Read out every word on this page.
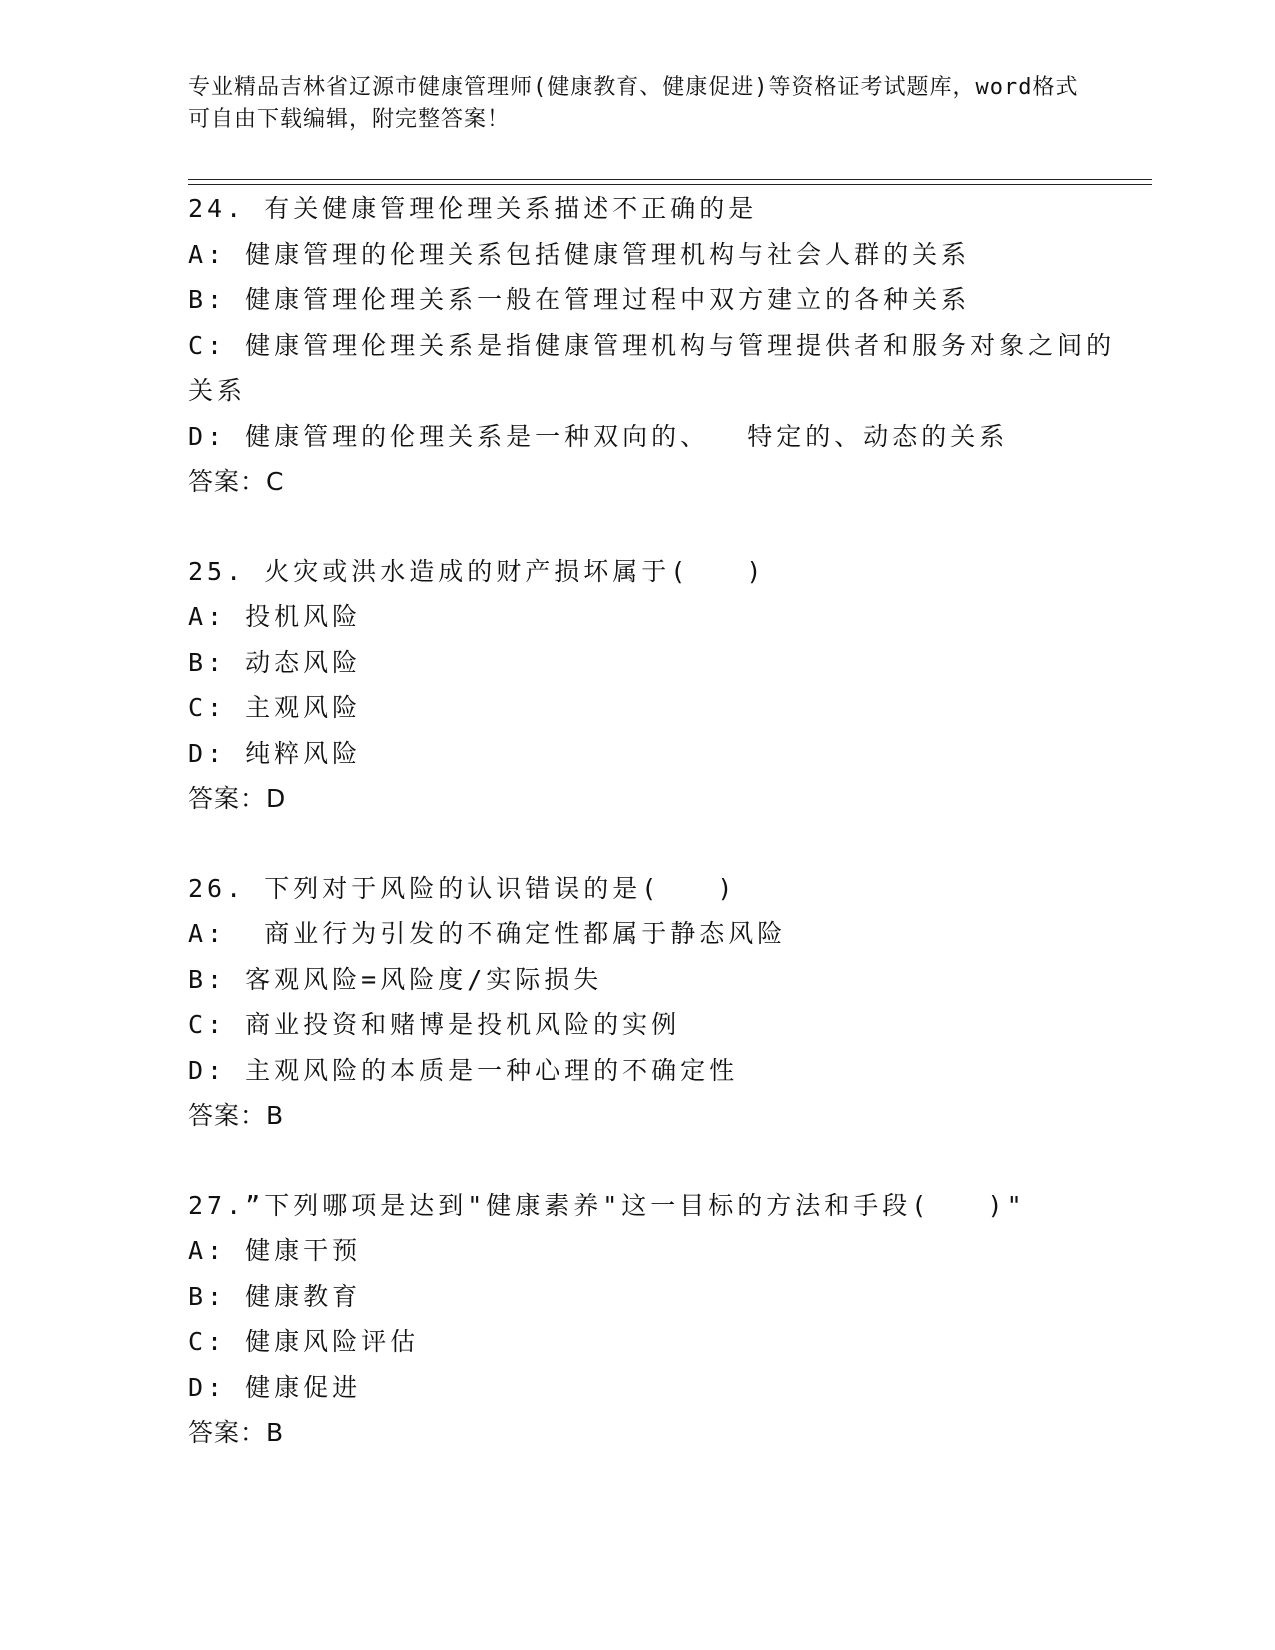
专业精品吉林省辽源市健康管理师(健康教育、健康促进)等资格证考试题库，word格式可自由下载编辑，附完整答案！

24. 有关健康管理伦理关系描述不正确的是

A: 健康管理的伦理关系包括健康管理机构与社会人群的关系

B: 健康管理伦理关系一般在管理过程中双方建立的各种关系

C: 健康管理伦理关系是指健康管理机构与管理提供者和服务对象之间的关系

D: 健康管理的伦理关系是一种双向的、  特定的、动态的关系

答案：C

25. 火灾或洪水造成的财产损坏属于(   )

A: 投机风险

B: 动态风险

C: 主观风险

D: 纯粹风险

答案：D

26. 下列对于风险的认识错误的是(   )

A:  商业行为引发的不确定性都属于静态风险

B: 客观风险=风险度/实际损失

C: 商业投资和赌博是投机风险的实例

D: 主观风险的本质是一种心理的不确定性

答案：B

27.”下列哪项是达到"健康素养"这一目标的方法和手段(   )"

A: 健康干预

B: 健康教育

C: 健康风险评估

D: 健康促进

答案：B
